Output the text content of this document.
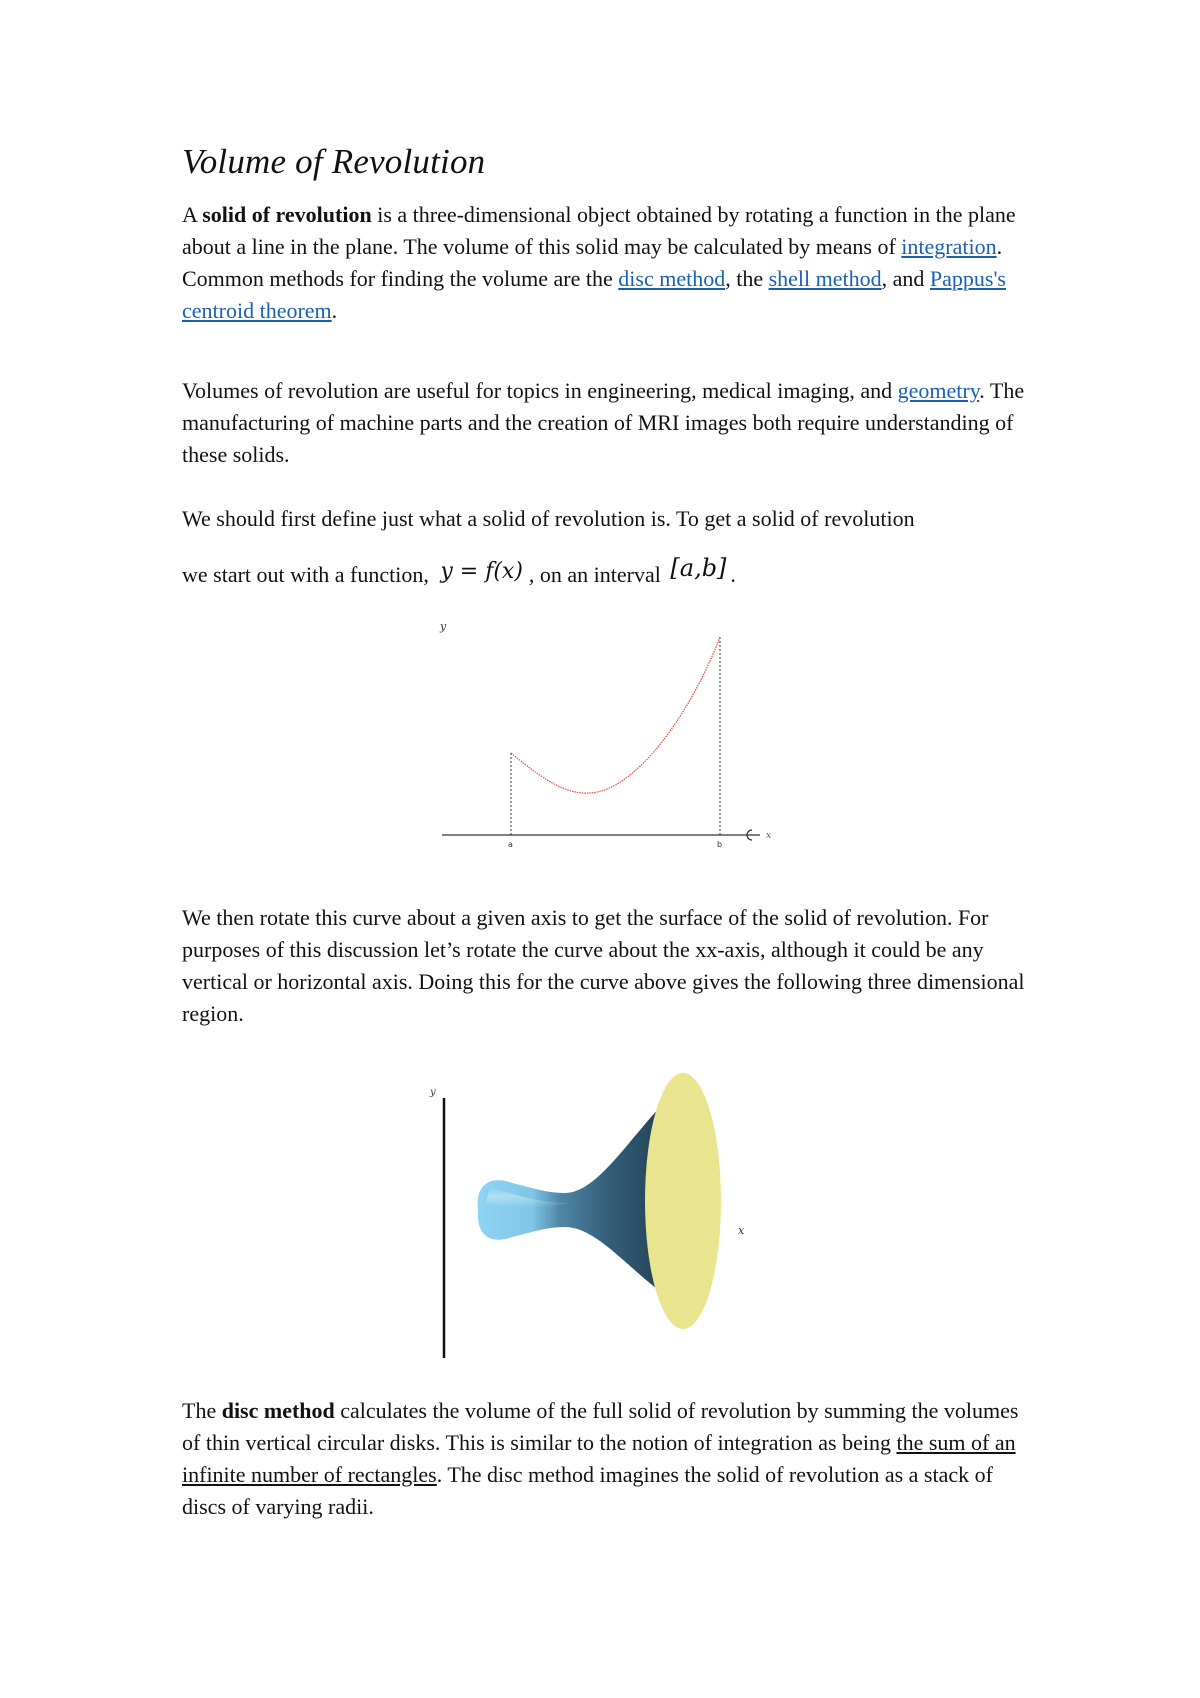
Volume of Revolution

A solid of revolution is a three-dimensional object obtained by rotating a function in the plane about a line in the plane. The volume of this solid may be calculated by means of integration. Common methods for finding the volume are the disc method, the shell method, and Pappus's centroid theorem.

Volumes of revolution are useful for topics in engineering, medical imaging, and geometry. The manufacturing of machine parts and the creation of MRI images both require understanding of these solids.

We should first define just what a solid of revolution is. To get a solid of revolution

we start out with a function, y = f(x) , on an interval [a,b] .

y
x
a	b

We then rotate this curve about a given axis to get the surface of the solid of revolution. For purposes of this discussion let’s rotate the curve about the xx-axis, although it could be any vertical or horizontal axis. Doing this for the curve above gives the following three dimensional region.

y
x

The disc method calculates the volume of the full solid of revolution by summing the volumes of thin vertical circular disks. This is similar to the notion of integration as being the sum of an infinite number of rectangles. The disc method imagines the solid of revolution as a stack of discs of varying radii.
